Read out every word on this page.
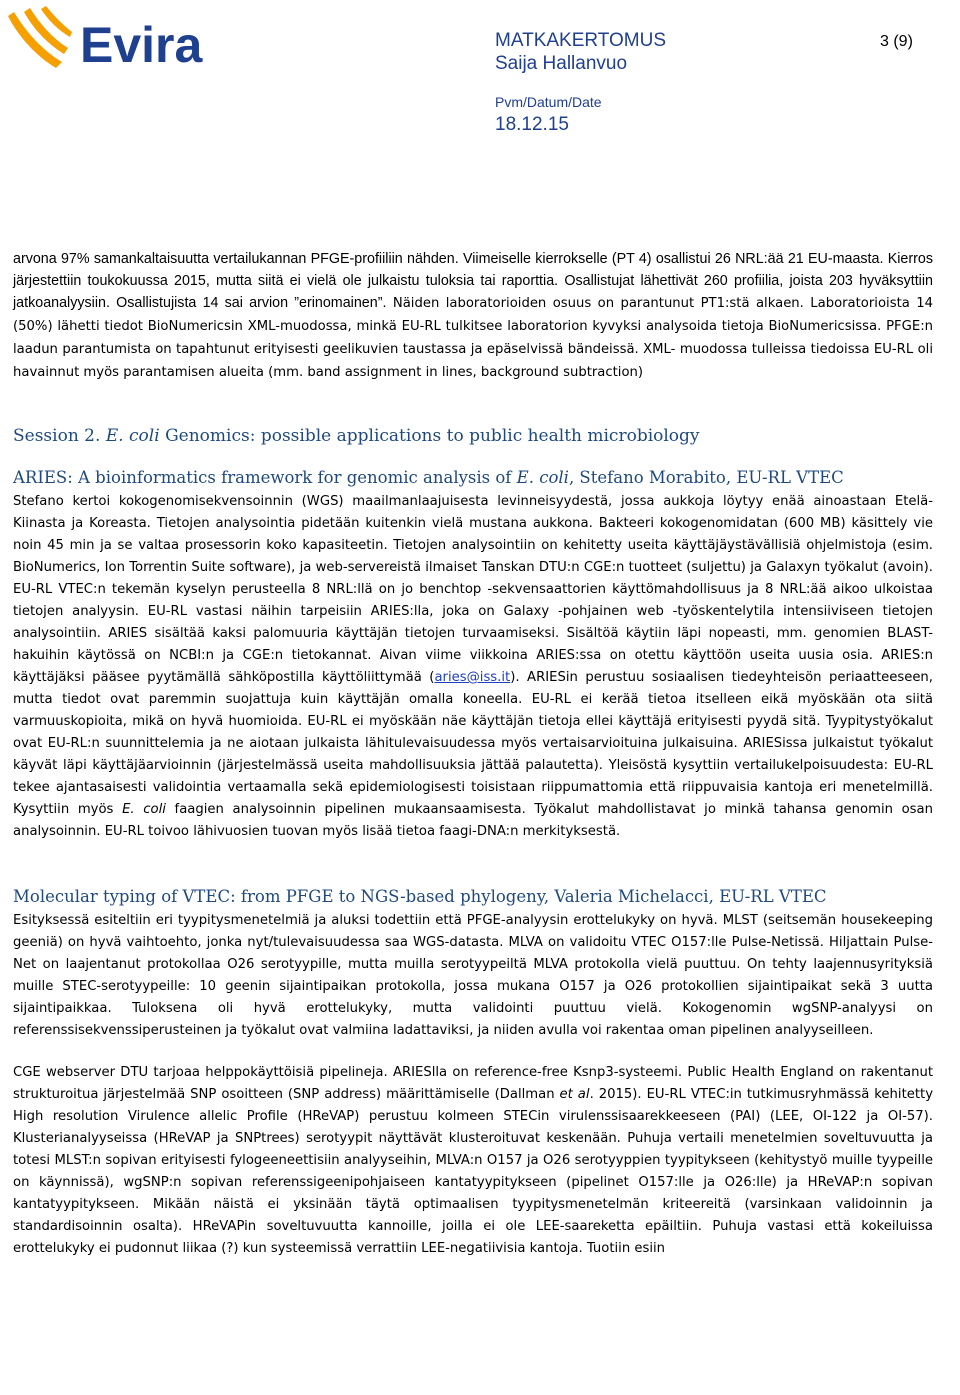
Evira	MATKAKERTOMUS
Saija Hallanvuo
Pvm/Datum/Date
18.12.15
3 (9)

arvona 97% samankaltaisuutta vertailukannan PFGE-profiiliin nähden. Viimeiselle kierrokselle (PT 4) osallistui 26 NRL:ää 21 EU-maasta. Kierros järjestettiin toukokuussa 2015, mutta siitä ei vielä ole julkaistu tuloksia tai raporttia. Osallistujat lähettivät 260 profiilia, joista 203 hyväksyttiin jatkoanalyysiin. Osallistujista 14 sai arvion ”erinomainen”. Näiden laboratorioiden osuus on parantunut PT1:stä alkaen. Laboratorioista 14 (50%) lähetti tiedot BioNumericsin XML-muodossa, minkä EU-RL tulkitsee laboratorion kyvyksi analysoida tietoja BioNumericsissa. PFGE:n laadun parantumista on tapahtunut erityisesti geelikuvien taustassa ja epäselvissä bändeissä. XML- muodossa tulleissa tiedoissa EU-RL oli havainnut myös parantamisen alueita (mm. band assignment in lines, background subtraction)

Session 2. E. coli Genomics: possible applications to public health microbiology
ARIES: A bioinformatics framework for genomic analysis of E. coli, Stefano Morabito, EU-RL VTEC

Stefano kertoi kokogenomisekvensoinnin (WGS) maailmanlaajuisesta levinneisyydestä, jossa aukkoja löytyy enää ainoastaan Etelä-Kiinasta ja Koreasta. Tietojen analysointia pidetään kuitenkin vielä mustana aukkona. Bakteeri kokogenomidatan (600 MB) käsittely vie noin 45 min ja se valtaa prosessorin koko kapasiteetin. Tietojen analysointiin on kehitetty useita käyttäjäystävällisiä ohjelmistoja (esim. BioNumerics, Ion Torrentin Suite software), ja web-servereistä ilmaiset Tanskan DTU:n CGE:n tuotteet (suljettu) ja Galaxyn työkalut (avoin). EU-RL VTEC:n tekemän kyselyn perusteella 8 NRL:llä on jo benchtop -sekvensaattorien käyttömahdollisuus ja 8 NRL:ää aikoo ulkoistaa tietojen analyysin. EU-RL vastasi näihin tarpeisiin ARIES:lla, joka on Galaxy -pohjainen web -työskentelytila intensiiviseen tietojen analysointiin. ARIES sisältää kaksi palomuuria käyttäjän tietojen turvaamiseksi. Sisältöä käytiin läpi nopeasti, mm. genomien BLAST-hakuihin käytössä on NCBI:n ja CGE:n tietokannat. Aivan viime viikkoina ARIES:ssa on otettu käyttöön useita uusia osia. ARIES:n käyttäjäksi pääsee pyytämällä sähköpostilla käyttöliittymää (aries@iss.it). ARIESin perustuu sosiaalisen tiedeyhteisön periaatteeseen, mutta tiedot ovat paremmin suojattuja kuin käyttäjän omalla koneella. EU-RL ei kerää tietoa itselleen eikä myöskään ota siitä varmuuskopioita, mikä on hyvä huomioida. EU-RL ei myöskään näe käyttäjän tietoja ellei käyttäjä erityisesti pyydä sitä. Tyypitystyökalut ovat EU-RL:n suunnittelemia ja ne aiotaan julkaista lähitulevaisuudessa myös vertaisarvioituina julkaisuina. ARIESissa julkaistut työkalut käyvät läpi käyttäjäarvioinnin (järjestelmässä useita mahdollisuuksia jättää palautetta). Yleisöstä kysyttiin vertailukelpoisuudesta: EU-RL tekee ajantasaisesti validointia vertaamalla sekä epidemiologisesti toisistaan riippumattomia että riippuvaisia kantoja eri menetelmillä. Kysyttiin myös E. coli faagien analysoinnin pipelinen mukaansaamisesta. Työkalut mahdollistavat jo minkä tahansa genomin osan analysoinnin. EU-RL toivoo lähivuosien tuovan myös lisää tietoa faagi-DNA:n merkityksestä.

Molecular typing of VTEC: from PFGE to NGS-based phylogeny, Valeria Michelacci, EU-RL VTEC

Esityksessä esiteltiin eri tyypitysmenetelmiä ja aluksi todettiin että PFGE-analyysin erottelukyky on hyvä. MLST (seitsemän housekeeping geeniä) on hyvä vaihtoehto, jonka nyt/tulevaisuudessa saa WGS-datasta. MLVA on validoitu VTEC O157:lle Pulse-Netissä. Hiljattain Pulse-Net on laajentanut protokollaa O26 serotyypille, mutta muilla serotyypeiltä MLVA protokolla vielä puuttuu. On tehty laajennusyrityksiä muille STEC-serotyypeille: 10 geenin sijaintipaikan protokolla, jossa mukana O157 ja O26 protokollien sijaintipaikat sekä 3 uutta sijaintipaikkaa. Tuloksena oli hyvä erottelukyky, mutta validointi puuttuu vielä. Kokogenomin wgSNP-analyysi on referenssisekvenssiperusteinen ja työkalut ovat valmiina ladattaviksi, ja niiden avulla voi rakentaa oman pipelinen analyyseilleen.

CGE webserver DTU tarjoaa helppokäyttöisiä pipelineja. ARIESlla on reference-free Ksnp3-systeemi. Public Health England on rakentanut strukturoitua järjestelmää SNP osoitteen (SNP address) määrittämiselle (Dallman et al. 2015). EU-RL VTEC:in tutkimusryhmässä kehitetty High resolution Virulence allelic Profile (HReVAP) perustuu kolmeen STECin virulenssisaarekkeeseen (PAI) (LEE, OI-122 ja OI-57). Klusterianalyyseissa (HReVAP ja SNPtrees) serotyypit näyttävät klusteroituvat keskenään. Puhuja vertaili menetelmien soveltuvuutta ja totesi MLST:n sopivan erityisesti fylogeeneettisiin analyyseihin, MLVA:n O157 ja O26 serotyyppien tyypitykseen (kehitystyö muille tyypeille on käynnissä), wgSNP:n sopivan referenssigeenipohjaiseen kantatyypitykseen (pipelinet O157:lle ja O26:lle) ja HReVAP:n sopivan kantatyypitykseen. Mikään näistä ei yksinään täytä optimaalisen tyypitysmenetelmän kriteereitä (varsinkaan validoinnin ja standardisoinnin osalta). HReVAPin soveltuvuutta kannoille, joilla ei ole LEE-saareketta epäiltiin. Puhuja vastasi että kokeiluissa erottelukyky ei pudonnut liikaa (?) kun systeemissä verrattiin LEE-negatiivisia kantoja. Tuotiin esiin
